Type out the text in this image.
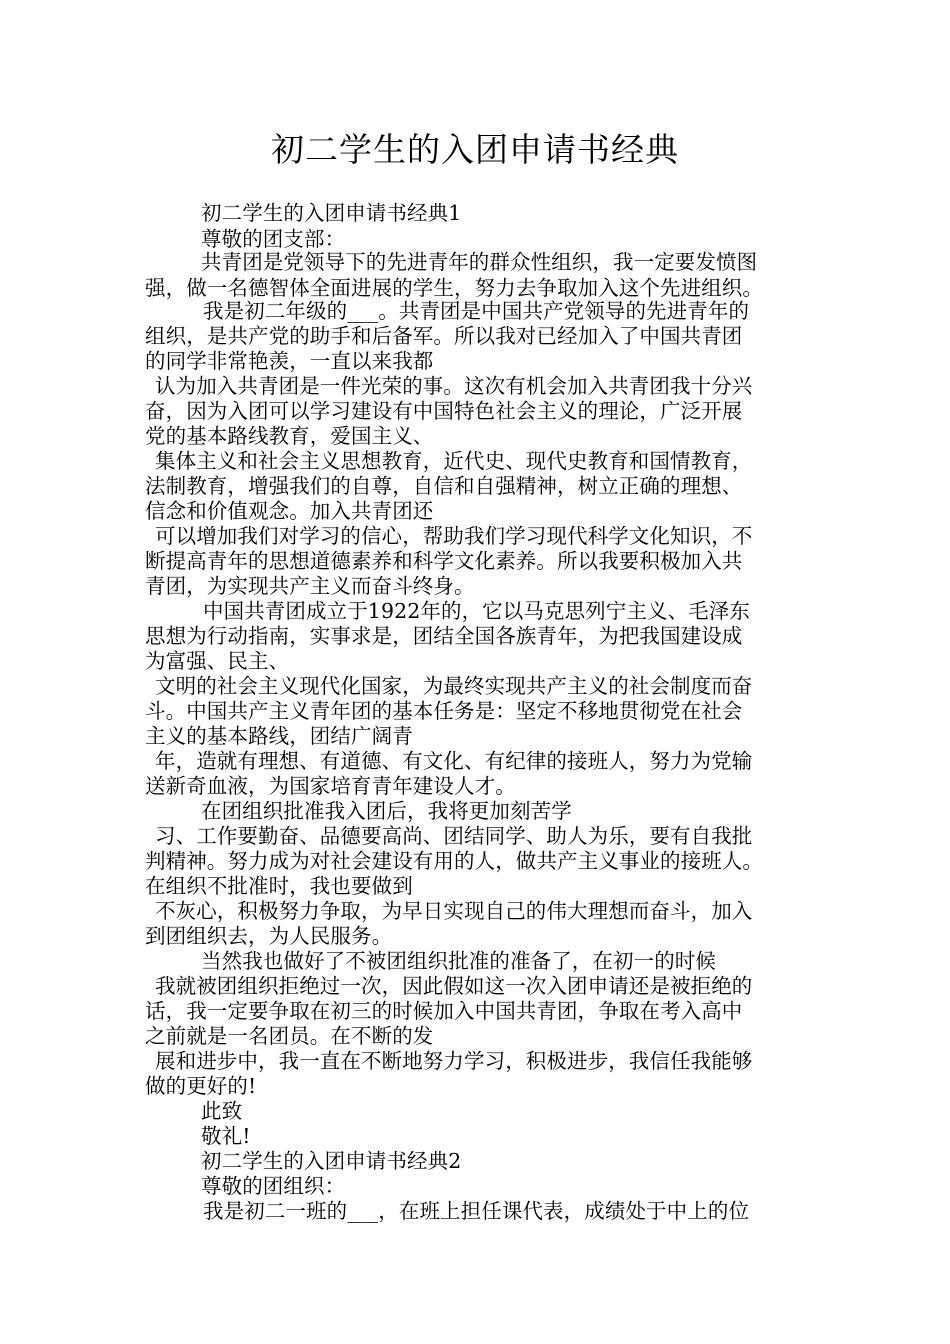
初二学生的入团申请书经典
初二学生的入团申请书经典1
尊敬的团支部：
共青团是党领导下的先进青年的群众性组织，我一定要发愤图
强，做一名德智体全面进展的学生，努力去争取加入这个先进组织。
我是初二年级的___。共青团是中国共产党领导的先进青年的
组织，是共产党的助手和后备军。所以我对已经加入了中国共青团
的同学非常艳羡，一直以来我都
认为加入共青团是一件光荣的事。这次有机会加入共青团我十分兴
奋，因为入团可以学习建设有中国特色社会主义的理论，广泛开展
党的基本路线教育，爱国主义、
集体主义和社会主义思想教育，近代史、现代史教育和国情教育，
法制教育，增强我们的自尊，自信和自强精神，树立正确的理想、
信念和价值观念。加入共青团还
可以增加我们对学习的信心，帮助我们学习现代科学文化知识，不
断提高青年的思想道德素养和科学文化素养。所以我要积极加入共
青团，为实现共产主义而奋斗终身。
中国共青团成立于1922年的，它以马克思列宁主义、毛泽东
思想为行动指南，实事求是，团结全国各族青年，为把我国建设成
为富强、民主、
文明的社会主义现代化国家，为最终实现共产主义的社会制度而奋
斗。中国共产主义青年团的基本任务是：坚定不移地贯彻党在社会
主义的基本路线，团结广阔青
年，造就有理想、有道德、有文化、有纪律的接班人，努力为党输
送新奇血液，为国家培育青年建设人才。
在团组织批准我入团后，我将更加刻苦学
习、工作要勤奋、品德要高尚、团结同学、助人为乐，要有自我批
判精神。努力成为对社会建设有用的人，做共产主义事业的接班人。
在组织不批准时，我也要做到
不灰心，积极努力争取，为早日实现自己的伟大理想而奋斗，加入
到团组织去，为人民服务。
当然我也做好了不被团组织批准的准备了，在初一的时候
我就被团组织拒绝过一次，因此假如这一次入团申请还是被拒绝的
话，我一定要争取在初三的时候加入中国共青团，争取在考入高中
之前就是一名团员。在不断的发
展和进步中，我一直在不断地努力学习，积极进步，我信任我能够
做的更好的!
此致
敬礼!
初二学生的入团申请书经典2
尊敬的团组织：
我是初二一班的___，在班上担任课代表，成绩处于中上的位
